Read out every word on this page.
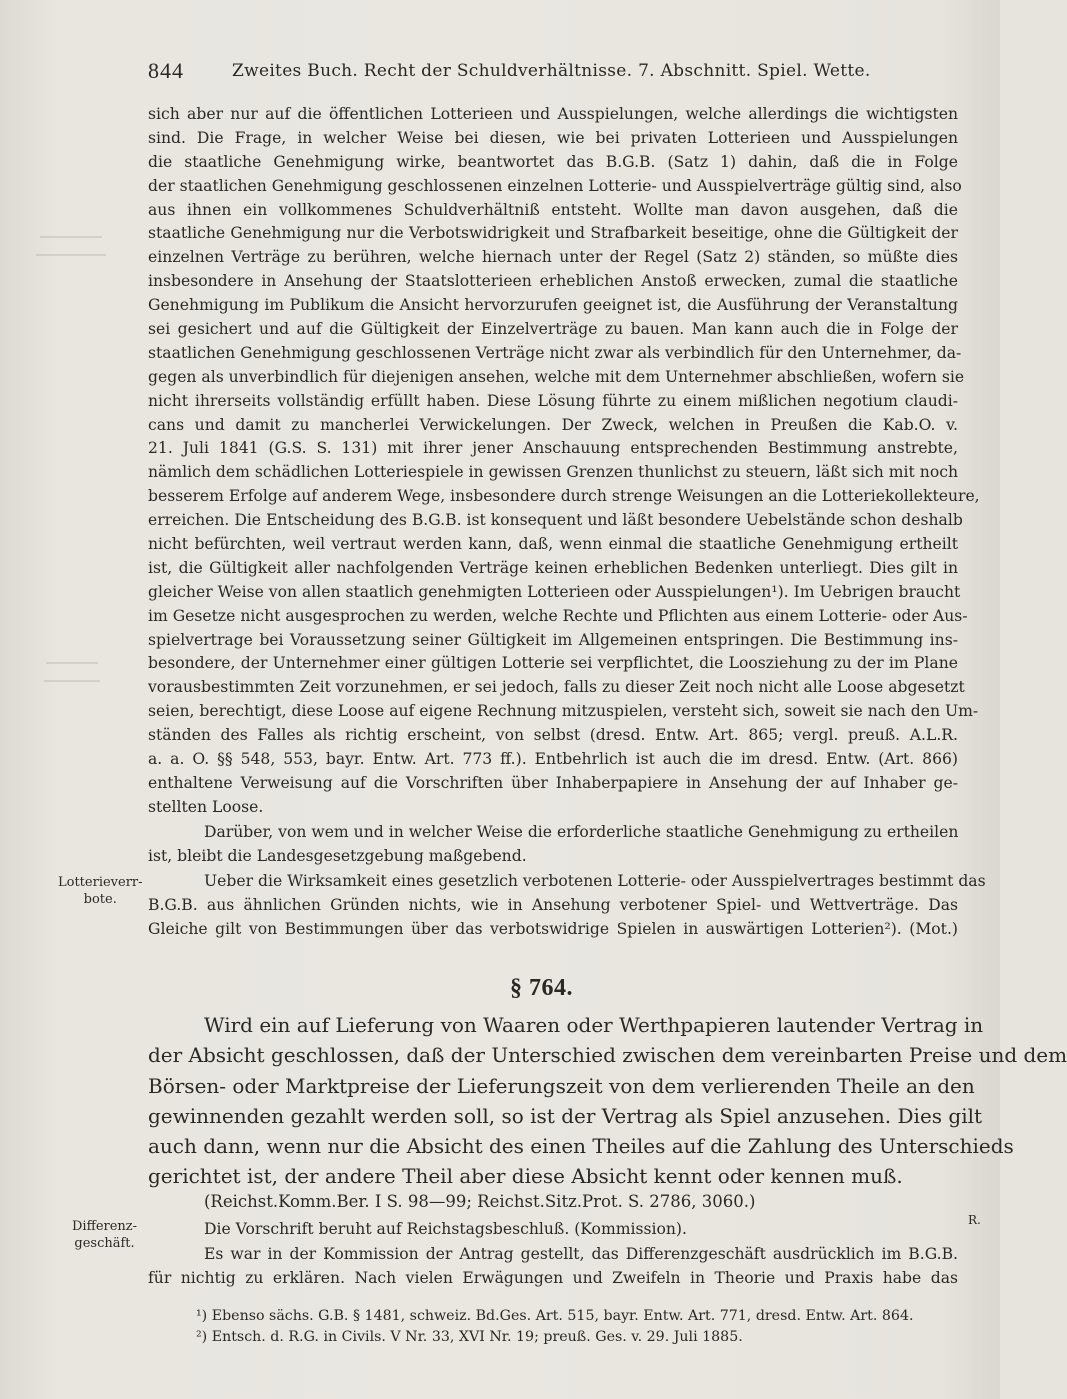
844	Zweites Buch. Recht der Schuldverhältnisse. 7. Abschnitt. Spiel. Wette.
sich aber nur auf die öffentlichen Lotterieen und Ausspielungen, welche allerdings die wichtigsten
sind. Die Frage, in welcher Weise bei diesen, wie bei privaten Lotterieen und Ausspielungen
die staatliche Genehmigung wirke, beantwortet das B.G.B. (Satz 1) dahin, daß die in Folge
der staatlichen Genehmigung geschlossenen einzelnen Lotterie- und Ausspielverträge gültig sind, also
aus ihnen ein vollkommenes Schuldverhältniß entsteht. Wollte man davon ausgehen, daß die
staatliche Genehmigung nur die Verbotswidrigkeit und Strafbarkeit beseitige, ohne die Gültigkeit der
einzelnen Verträge zu berühren, welche hiernach unter der Regel (Satz 2) ständen, so müßte dies
insbesondere in Ansehung der Staatslotterieen erheblichen Anstoß erwecken, zumal die staatliche
Genehmigung im Publikum die Ansicht hervorzurufen geeignet ist, die Ausführung der Veranstaltung
sei gesichert und auf die Gültigkeit der Einzelverträge zu bauen. Man kann auch die in Folge der
staatlichen Genehmigung geschlossenen Verträge nicht zwar als verbindlich für den Unternehmer, da-
gegen als unverbindlich für diejenigen ansehen, welche mit dem Unternehmer abschließen, wofern sie
nicht ihrerseits vollständig erfüllt haben. Diese Lösung führte zu einem mißlichen negotium claudi-
cans und damit zu mancherlei Verwickelungen. Der Zweck, welchen in Preußen die Kab.O. v.
21. Juli 1841 (G.S. S. 131) mit ihrer jener Anschauung entsprechenden Bestimmung anstrebte,
nämlich dem schädlichen Lotteriespiele in gewissen Grenzen thunlichst zu steuern, läßt sich mit noch
besserem Erfolge auf anderem Wege, insbesondere durch strenge Weisungen an die Lotteriekollekteure,
erreichen. Die Entscheidung des B.G.B. ist konsequent und läßt besondere Uebelstände schon deshalb
nicht befürchten, weil vertraut werden kann, daß, wenn einmal die staatliche Genehmigung ertheilt
ist, die Gültigkeit aller nachfolgenden Verträge keinen erheblichen Bedenken unterliegt. Dies gilt in
gleicher Weise von allen staatlich genehmigten Lotterieen oder Ausspielungen¹). Im Uebrigen braucht
im Gesetze nicht ausgesprochen zu werden, welche Rechte und Pflichten aus einem Lotterie- oder Aus-
spielvertrage bei Voraussetzung seiner Gültigkeit im Allgemeinen entspringen. Die Bestimmung ins-
besondere, der Unternehmer einer gültigen Lotterie sei verpflichtet, die Loosziehung zu der im Plane
vorausbestimmten Zeit vorzunehmen, er sei jedoch, falls zu dieser Zeit noch nicht alle Loose abgesetzt
seien, berechtigt, diese Loose auf eigene Rechnung mitzuspielen, versteht sich, soweit sie nach den Um-
ständen des Falles als richtig erscheint, von selbst (dresd. Entw. Art. 865; vergl. preuß. A.L.R.
a. a. O. §§ 548, 553, bayr. Entw. Art. 773 ff.). Entbehrlich ist auch die im dresd. Entw. (Art. 866)
enthaltene Verweisung auf die Vorschriften über Inhaberpapiere in Ansehung der auf Inhaber ge-
stellten Loose.
Darüber, von wem und in welcher Weise die erforderliche staatliche Genehmigung zu ertheilen
ist, bleibt die Landesgesetzgebung maßgebend.
Ueber die Wirksamkeit eines gesetzlich verbotenen Lotterie- oder Ausspielvertrages bestimmt das
B.G.B. aus ähnlichen Gründen nichts, wie in Ansehung verbotener Spiel- und Wettverträge. Das
Gleiche gilt von Bestimmungen über das verbotswidrige Spielen in auswärtigen Lotterien²). (Mot.)
§ 764.
Wird ein auf Lieferung von Waaren oder Werthpapieren lautender Vertrag in
der Absicht geschlossen, daß der Unterschied zwischen dem vereinbarten Preise und dem
Börsen- oder Marktpreise der Lieferungszeit von dem verlierenden Theile an den
gewinnenden gezahlt werden soll, so ist der Vertrag als Spiel anzusehen. Dies gilt
auch dann, wenn nur die Absicht des einen Theiles auf die Zahlung des Unterschieds
gerichtet ist, der andere Theil aber diese Absicht kennt oder kennen muß.
(Reichst.Komm.Ber. I S. 98—99; Reichst.Sitz.Prot. S. 2786, 3060.)
Die Vorschrift beruht auf Reichstagsbeschluß. (Kommission).
Es war in der Kommission der Antrag gestellt, das Differenzgeschäft ausdrücklich im B.G.B.
für nichtig zu erklären. Nach vielen Erwägungen und Zweifeln in Theorie und Praxis habe das
¹) Ebenso sächs. G.B. § 1481, schweiz. Bd.Ges. Art. 515, bayr. Entw. Art. 771, dresd. Entw. Art. 864.
²) Entsch. d. R.G. in Civils. V Nr. 33, XVI Nr. 19; preuß. Ges. v. 29. Juli 1885.
Lotterieverr-
bote.
Differenz-
geschäft.
R.
